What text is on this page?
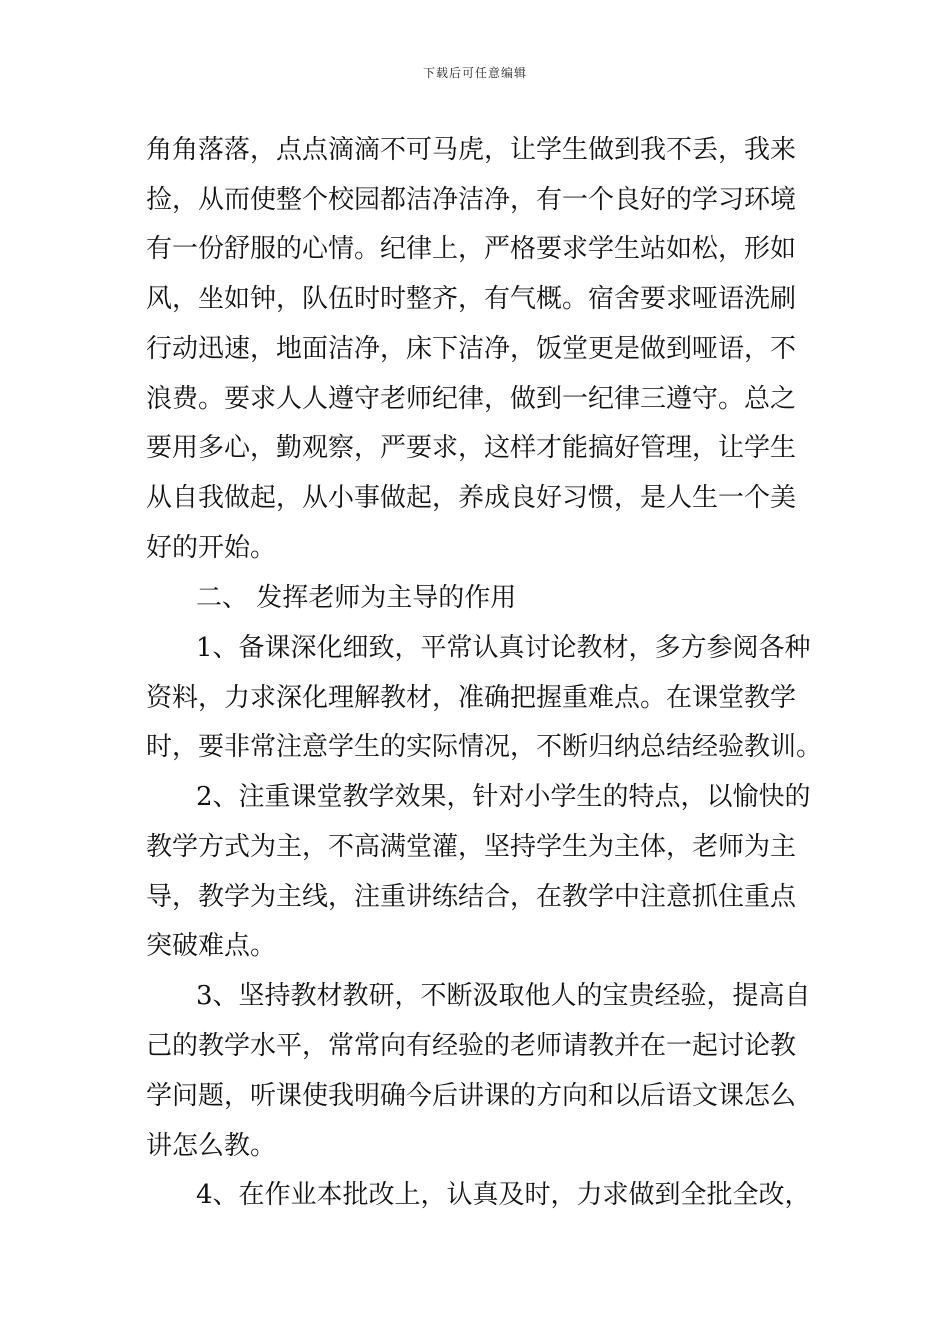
下载后可任意编辑
角角落落，点点滴滴不可马虎，让学生做到我不丢，我来
捡，从而使整个校园都洁净洁净，有一个良好的学习环境
有一份舒服的心情。纪律上，严格要求学生站如松，形如
风，坐如钟，队伍时时整齐，有气概。宿舍要求哑语洗刷
行动迅速，地面洁净，床下洁净，饭堂更是做到哑语，不
浪费。要求人人遵守老师纪律，做到一纪律三遵守。总之
要用多心，勤观察，严要求，这样才能搞好管理，让学生
从自我做起，从小事做起，养成良好习惯，是人生一个美
好的开始。
二、 发挥老师为主导的作用
1、备课深化细致，平常认真讨论教材，多方参阅各种
资料，力求深化理解教材，准确把握重难点。在课堂教学
时，要非常注意学生的实际情况，不断归纳总结经验教训。
2、注重课堂教学效果，针对小学生的特点，以愉快的
教学方式为主，不高满堂灌，坚持学生为主体，老师为主
导，教学为主线，注重讲练结合，在教学中注意抓住重点
突破难点。
3、坚持教材教研，不断汲取他人的宝贵经验，提高自
己的教学水平，常常向有经验的老师请教并在一起讨论教
学问题，听课使我明确今后讲课的方向和以后语文课怎么
讲怎么教。
4、在作业本批改上，认真及时，力求做到全批全改，
